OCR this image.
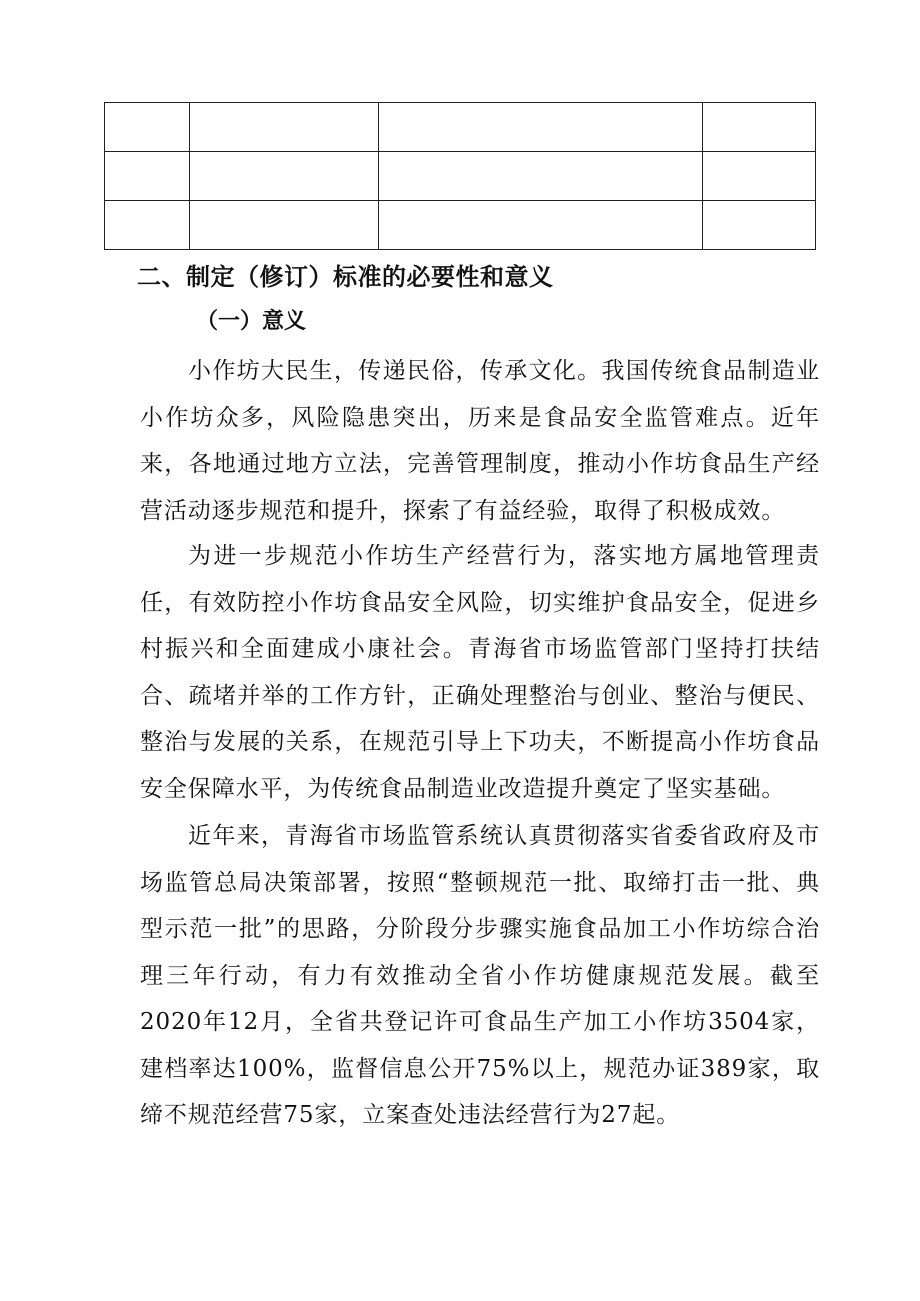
二、制定（修订）标准的必要性和意义
（一）意义

小作坊大民生，传递民俗，传承文化。我国传统食品制造业小作坊众多，风险隐患突出，历来是食品安全监管难点。近年来，各地通过地方立法，完善管理制度，推动小作坊食品生产经营活动逐步规范和提升，探索了有益经验，取得了积极成效。

为进一步规范小作坊生产经营行为，落实地方属地管理责任，有效防控小作坊食品安全风险，切实维护食品安全，促进乡村振兴和全面建成小康社会。青海省市场监管部门坚持打扶结合、疏堵并举的工作方针，正确处理整治与创业、整治与便民、整治与发展的关系，在规范引导上下功夫，不断提高小作坊食品安全保障水平，为传统食品制造业改造提升奠定了坚实基础。

近年来，青海省市场监管系统认真贯彻落实省委省政府及市场监管总局决策部署，按照“整顿规范一批、取缔打击一批、典型示范一批”的思路，分阶段分步骤实施食品加工小作坊综合治理三年行动，有力有效推动全省小作坊健康规范发展。截至2020年12月，全省共登记许可食品生产加工小作坊3504家，建档率达100%，监督信息公开75%以上，规范办证389家，取缔不规范经营75家，立案查处违法经营行为27起。
